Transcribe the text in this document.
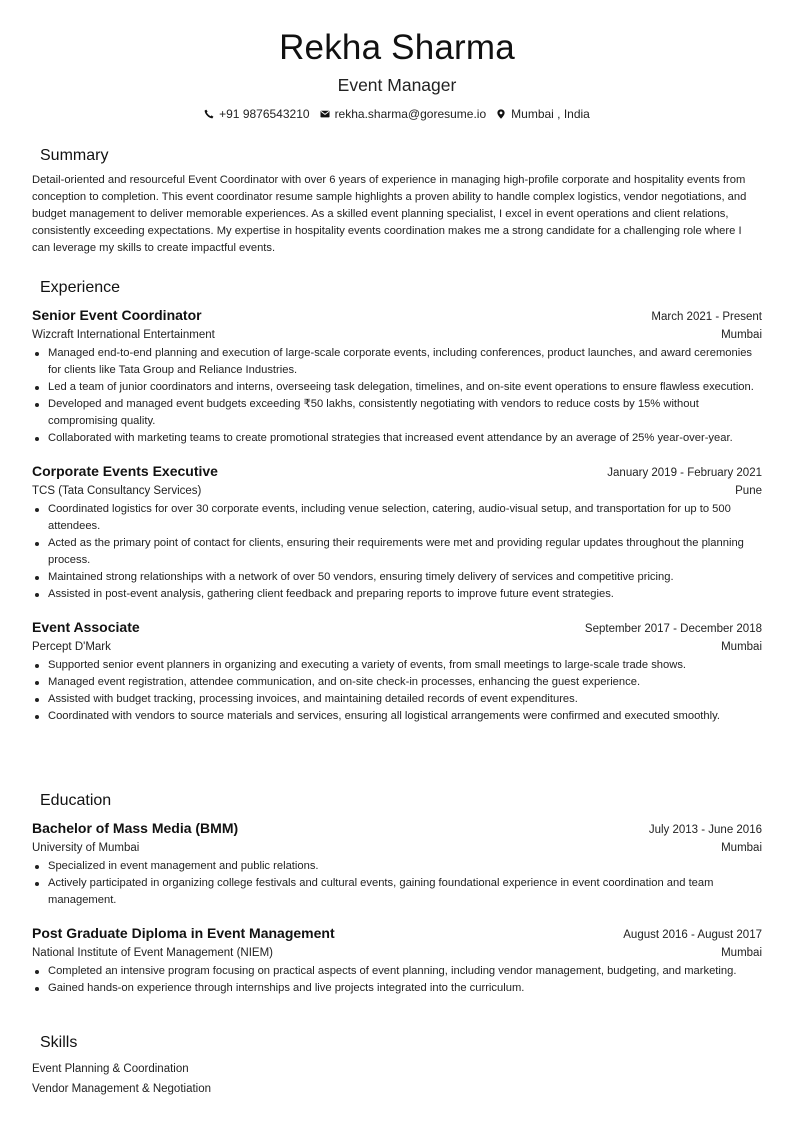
Rekha Sharma
Event Manager
+91 9876543210 rekha.sharma@goresume.io Mumbai , India
Summary
Detail-oriented and resourceful Event Coordinator with over 6 years of experience in managing high-profile corporate and hospitality events from conception to completion. This event coordinator resume sample highlights a proven ability to handle complex logistics, vendor negotiations, and budget management to deliver memorable experiences. As a skilled event planning specialist, I excel in event operations and client relations, consistently exceeding expectations. My expertise in hospitality events coordination makes me a strong candidate for a challenging role where I can leverage my skills to create impactful events.
Experience
Senior Event Coordinator	March 2021 - Present
Wizcraft International Entertainment	Mumbai
Managed end-to-end planning and execution of large-scale corporate events, including conferences, product launches, and award ceremonies for clients like Tata Group and Reliance Industries.
Led a team of junior coordinators and interns, overseeing task delegation, timelines, and on-site event operations to ensure flawless execution.
Developed and managed event budgets exceeding ₹50 lakhs, consistently negotiating with vendors to reduce costs by 15% without compromising quality.
Collaborated with marketing teams to create promotional strategies that increased event attendance by an average of 25% year-over-year.
Corporate Events Executive	January 2019 - February 2021
TCS (Tata Consultancy Services)	Pune
Coordinated logistics for over 30 corporate events, including venue selection, catering, audio-visual setup, and transportation for up to 500 attendees.
Acted as the primary point of contact for clients, ensuring their requirements were met and providing regular updates throughout the planning process.
Maintained strong relationships with a network of over 50 vendors, ensuring timely delivery of services and competitive pricing.
Assisted in post-event analysis, gathering client feedback and preparing reports to improve future event strategies.
Event Associate	September 2017 - December 2018
Percept D'Mark	Mumbai
Supported senior event planners in organizing and executing a variety of events, from small meetings to large-scale trade shows.
Managed event registration, attendee communication, and on-site check-in processes, enhancing the guest experience.
Assisted with budget tracking, processing invoices, and maintaining detailed records of event expenditures.
Coordinated with vendors to source materials and services, ensuring all logistical arrangements were confirmed and executed smoothly.
Education
Bachelor of Mass Media (BMM)	July 2013 - June 2016
University of Mumbai	Mumbai
Specialized in event management and public relations.
Actively participated in organizing college festivals and cultural events, gaining foundational experience in event coordination and team management.
Post Graduate Diploma in Event Management	August 2016 - August 2017
National Institute of Event Management (NIEM)	Mumbai
Completed an intensive program focusing on practical aspects of event planning, including vendor management, budgeting, and marketing.
Gained hands-on experience through internships and live projects integrated into the curriculum.
Skills
Event Planning & Coordination
Vendor Management & Negotiation
